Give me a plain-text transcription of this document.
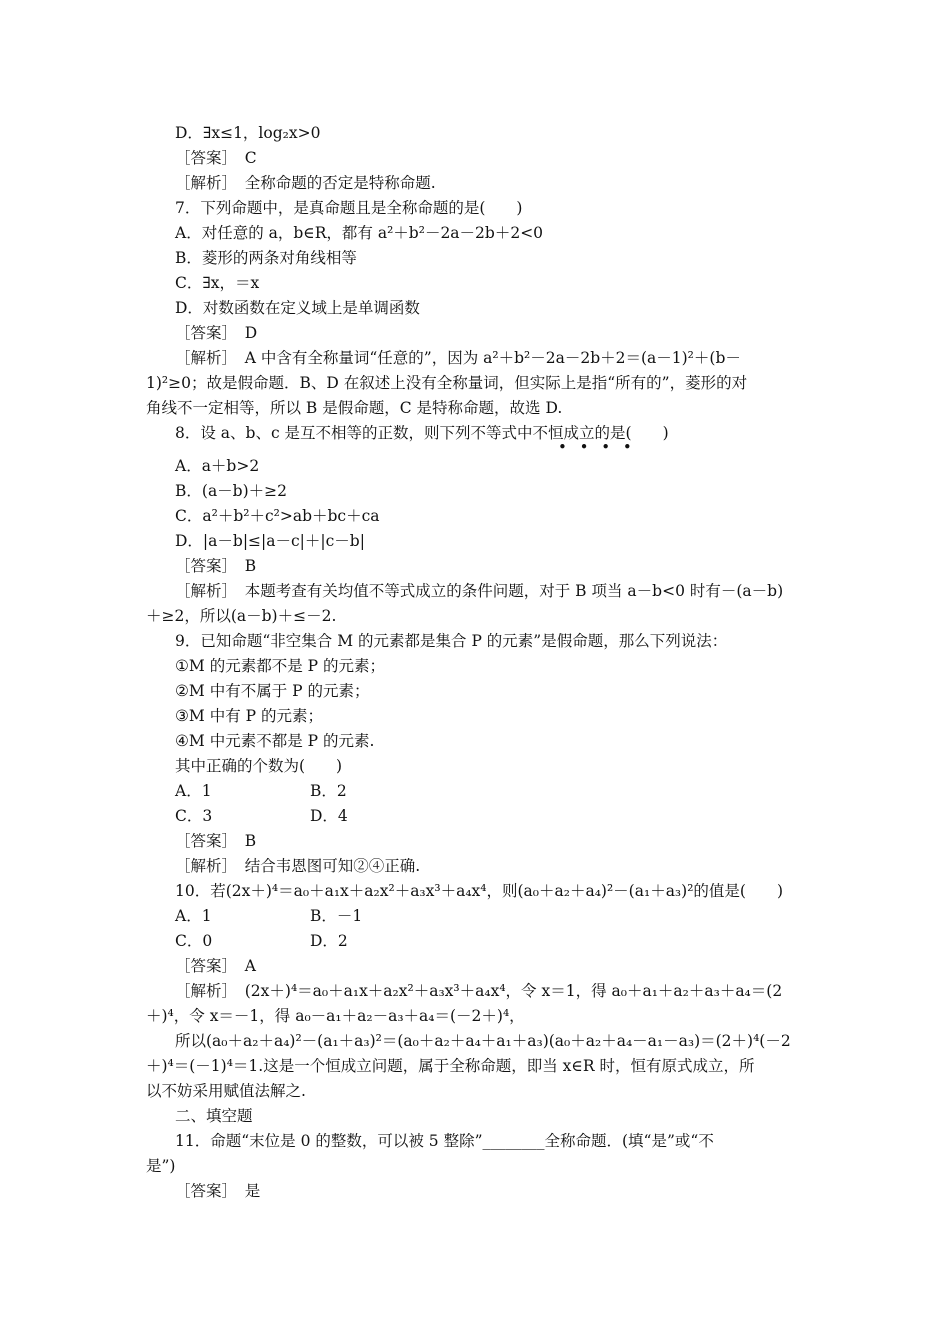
D．∃x≤1，log₂x>0
［答案］　C
［解析］　全称命题的否定是特称命题.
7．下列命题中，是真命题且是全称命题的是(　　)
A．对任意的 a，b∈R，都有 a²＋b²－2a－2b＋2<0
B．菱形的两条对角线相等
C．∃x，＝x
D．对数函数在定义域上是单调函数
［答案］　D
［解析］　A 中含有全称量词“任意的”，因为 a²＋b²－2a－2b＋2＝(a－1)²＋(b－
1)²≥0；故是假命题．B、D 在叙述上没有全称量词，但实际上是指“所有的”，菱形的对
角线不一定相等，所以 B 是假命题，C 是特称命题，故选 D.
8．设 a、b、c 是互不相等的正数，则下列不等式中不恒成立的是(　　)
• • • •
A．a＋b>2
B．(a－b)＋≥2
C．a²＋b²＋c²>ab＋bc＋ca
D．|a－b|≤|a－c|＋|c－b|
［答案］　B
［解析］　本题考查有关均值不等式成立的条件问题，对于 B 项当 a－b<0 时有－(a－b)
＋≥2，所以(a－b)＋≤－2.
9．已知命题“非空集合 M 的元素都是集合 P 的元素”是假命题，那么下列说法：
①M 的元素都不是 P 的元素；
②M 中有不属于 P 的元素；
③M 中有 P 的元素；
④M 中元素不都是 P 的元素.
其中正确的个数为(　　)
A．1	B．2
C．3	D．4
［答案］　B
［解析］　结合韦恩图可知②④正确.
10．若(2x＋)⁴＝a₀＋a₁x＋a₂x²＋a₃x³＋a₄x⁴，则(a₀＋a₂＋a₄)²－(a₁＋a₃)²的值是(　　)
A．1	B．－1
C．0	D．2
［答案］　A
［解析］　(2x＋)⁴＝a₀＋a₁x＋a₂x²＋a₃x³＋a₄x⁴，令 x＝1，得 a₀＋a₁＋a₂＋a₃＋a₄＝(2
＋)⁴，令 x＝－1，得 a₀－a₁＋a₂－a₃＋a₄＝(－2＋)⁴，
所以(a₀＋a₂＋a₄)²－(a₁＋a₃)²＝(a₀＋a₂＋a₄＋a₁＋a₃)(a₀＋a₂＋a₄－a₁－a₃)＝(2＋)⁴(－2
＋)⁴＝(－1)⁴＝1.这是一个恒成立问题，属于全称命题，即当 x∈R 时，恒有原式成立，所
以不妨采用赋值法解之.
二、填空题
11．命题“末位是 0 的整数，可以被 5 整除”________全称命题．(填“是”或“不
是”)
［答案］　是
